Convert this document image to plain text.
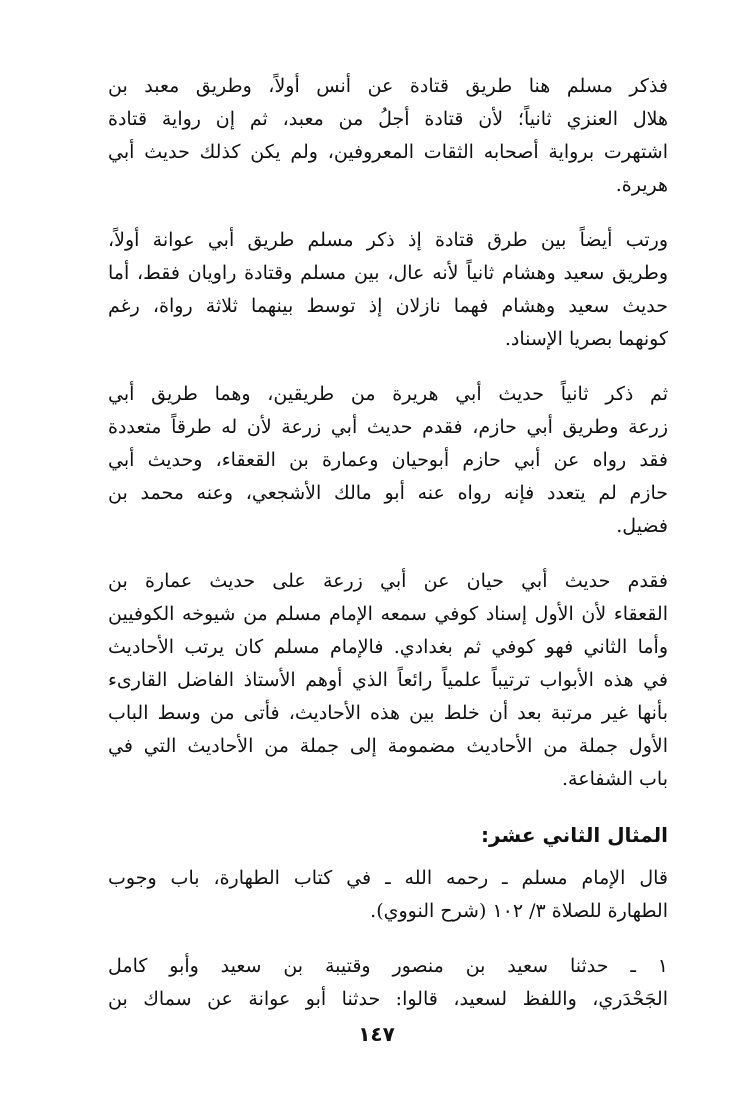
فذكر مسلم هنا طريق قتادة عن أنس أولاً، وطريق معبد بن
هلال العنزي ثانياً؛ لأن قتادة أجلُ من معبد، ثم إن رواية قتادة
اشتهرت برواية أصحابه الثقات المعروفين، ولم يكن كذلك حديث أبي
هريرة.
ورتب أيضاً بين طرق قتادة إذ ذكر مسلم طريق أبي عوانة أولاً،
وطريق سعيد وهشام ثانياً لأنه عال، بين مسلم وقتادة راويان فقط، أما
حديث سعيد وهشام فهما نازلان إذ توسط بينهما ثلاثة رواة، رغم
كونهما بصريا الإسناد.
ثم ذكر ثانياً حديث أبي هريرة من طريقين، وهما طريق أبي
زرعة وطريق أبي حازم، فقدم حديث أبي زرعة لأن له طرقاً متعددة
فقد رواه عن أبي حازم أبوحيان وعمارة بن القعقاء، وحديث أبي
حازم لم يتعدد فإنه رواه عنه أبو مالك الأشجعي، وعنه محمد بن
فضيل.
فقدم حديث أبي حيان عن أبي زرعة على حديث عمارة بن
القعقاء لأن الأول إسناد كوفي سمعه الإمام مسلم من شيوخه الكوفيين
وأما الثاني فهو كوفي ثم بغدادي. فالإمام مسلم كان يرتب الأحاديث
في هذه الأبواب ترتيباً علمياً رائعاً الذي أوهم الأستاذ الفاضل القارىء
بأنها غير مرتبة بعد أن خلط بين هذه الأحاديث، فأتى من وسط الباب
الأول جملة من الأحاديث مضمومة إلى جملة من الأحاديث التي في
باب الشفاعة.
المثال الثاني عشر:
قال الإمام مسلم ـ رحمه الله ـ في كتاب الطهارة، باب وجوب
الطهارة للصلاة ٣/ ١٠٢ (شرح النووي).
١ ـ حدثنا سعيد بن منصور وقتيبة بن سعيد وأبو كامل
الجَحْدَري، واللفظ لسعيد، قالوا: حدثنا أبو عوانة عن سماك بن
١٤٧
